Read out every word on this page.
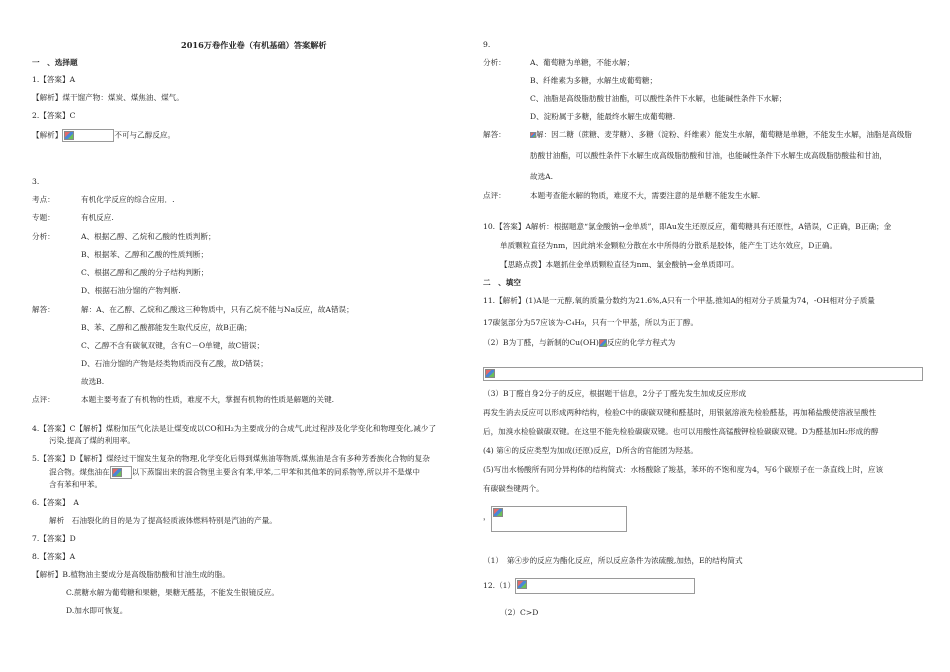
2016万卷作业卷（有机基础）答案解析
一　、选择题
1.【答案】A
【解析】煤干馏产物：煤炭、煤焦油、煤气。
2.【答案】C
【解析】	不可与乙醇反应。
3.
考点：	有机化学反应的综合应用．.
专题：	有机反应.
分析：	A、根据乙醇、乙烷和乙酸的性质判断；
B、根据苯、乙醇和乙酸的性质判断；
C、根据乙醇和乙酸的分子结构判断；
D、根据石油分馏的产物判断.
解答：	解：A、在乙醇、乙烷和乙酸这三种物质中，只有乙烷不能与Na反应，故A错误；
B、苯、乙醇和乙酸都能发生取代反应，故B正确；
C、乙醇不含有碳氧双键，含有C－O单键，故C错误；
D、石油分馏的产物是烃类物质而没有乙酸，故D错误；
故选B.
点评：	本题主要考查了有机物的性质，难度不大，掌握有机物的性质是解题的关键.
4.【答案】C【解析】煤粉加压气化法是让煤变成以CO和H₂为主要成分的合成气,此过程涉及化学变化和物理变化,减少了
污染,提高了煤的利用率。
5.【答案】D【解析】煤经过干馏发生复杂的物理,化学变化后得到煤焦油等物质,煤焦油是含有多种芳香族化合物的复杂
混合物。煤焦油在	以下蒸馏出来的混合物里主要含有苯,甲苯,二甲苯和其他苯的同系物等,所以并不是煤中
含有苯和甲苯。
6.【答案】　A
解析　石油裂化的目的是为了提高轻质液体燃料特别是汽油的产量。
7.【答案】D
8.【答案】A
【解析】B.植物油主要成分是高级脂肪酸和甘油生成的脂。
C.蔗糖水解为葡萄糖和果糖，果糖无醛基，不能发生银镜反应。
D.加水即可恢复。
9.
分析：	A、葡萄糖为单糖，不能水解；
B、纤维素为多糖，水解生成葡萄糖；
C、油脂是高级脂肪酸甘油酯，可以酸性条件下水解，也能碱性条件下水解；
D、淀粉属于多糖，能最终水解生成葡萄糖.
解答：	解：因二糖（蔗糖、麦芽糖）、多糖（淀粉、纤维素）能发生水解，葡萄糖是单糖，不能发生水解，油脂是高级脂
肪酸甘油酯，可以酸性条件下水解生成高级脂肪酸和甘油，也能碱性条件下水解生成高级脂肪酸盐和甘油，
故选A.
点评：	本题考查能水解的物质，难度不大，需要注意的是单糖不能发生水解.
10.【答案】A解析：根据题意“氯金酸钠→金单质”，即Au发生还原反应，葡萄糖具有还原性，A错误，C正确，B正确；金
单质颗粒直径为nm，因此纳米金颗粒分散在水中所得的分散系是胶体，能产生丁达尔效应，D正确。
【思路点拨】本题抓住金单质颗粒直径为nm、氯金酸钠→金单质即可。
二　、填空
11.【解析】(1)A是一元醇,氧的质量分数约为21.6%,A只有一个甲基,推知A的相对分子质量为74，-OH相对分子质量
17碳氢部分为57应该为-C₄H₉，只有一个甲基，所以为正丁醇。
（2）B为丁醛，与新制的Cu(OH) 反应的化学方程式为
（3）B丁醛自身2分子的反应，根据题干信息，2分子丁醛先发生加成反应形成
再发生消去反应可以形成两种结构，检验C中的碳碳双键和醛基时，用银氨溶液先检验醛基，再加稀盐酸使溶液呈酸性
后，加溴水检验碳碳双键。在这里不能先检验碳碳双键。也可以用酸性高锰酸钾检验碳碳双键。D为醛基加H₂形成的醇
(4) 第④的反应类型为加成(还原)反应，D所含的官能团为羟基。
(5)写出水杨酸所有同分异构体的结构简式：水杨酸除了羧基，苯环的不饱和度为4，写6个碳原子在一条直线上时，应该
有碳碳叁键两个。
，
（1）　第④步的反应为酯化反应，所以反应条件为浓硫酸,加热，E的结构简式
12.（1）
（2）C>D
